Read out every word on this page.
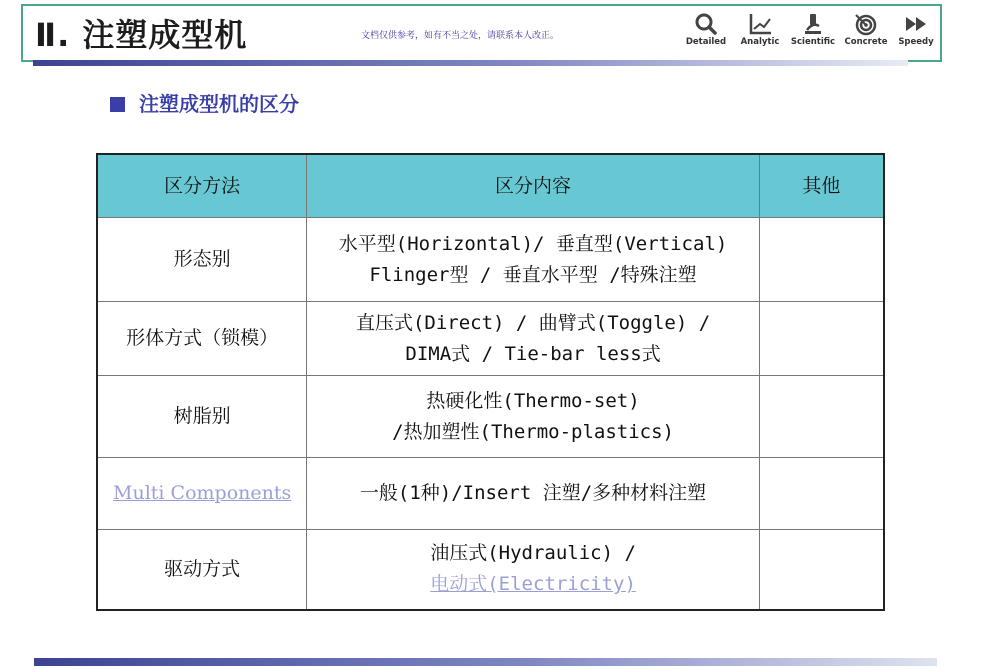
Ⅱ. 注塑成型机	文档仅供参考，如有不当之处，请联系本人改正。
Detailed	Analytic	Scientific	Concrete	Speedy
注塑成型机的区分
区分方法	区分内容	其他
形态别	水平型(Horizontal)/ 垂直型(Vertical)
Flinger型 / 垂直水平型 /特殊注塑	

形体方式（锁模）	直压式(Direct) / 曲臂式(Toggle) /
DIMA式 / Tie-bar less式	

树脂别	热硬化性(Thermo-set)
/热加塑性(Thermo-plastics)	

Multi Components	一般(1种)/Insert 注塑/多种材料注塑	

驱动方式	油压式(Hydraulic) /
电动式(Electricity)	
